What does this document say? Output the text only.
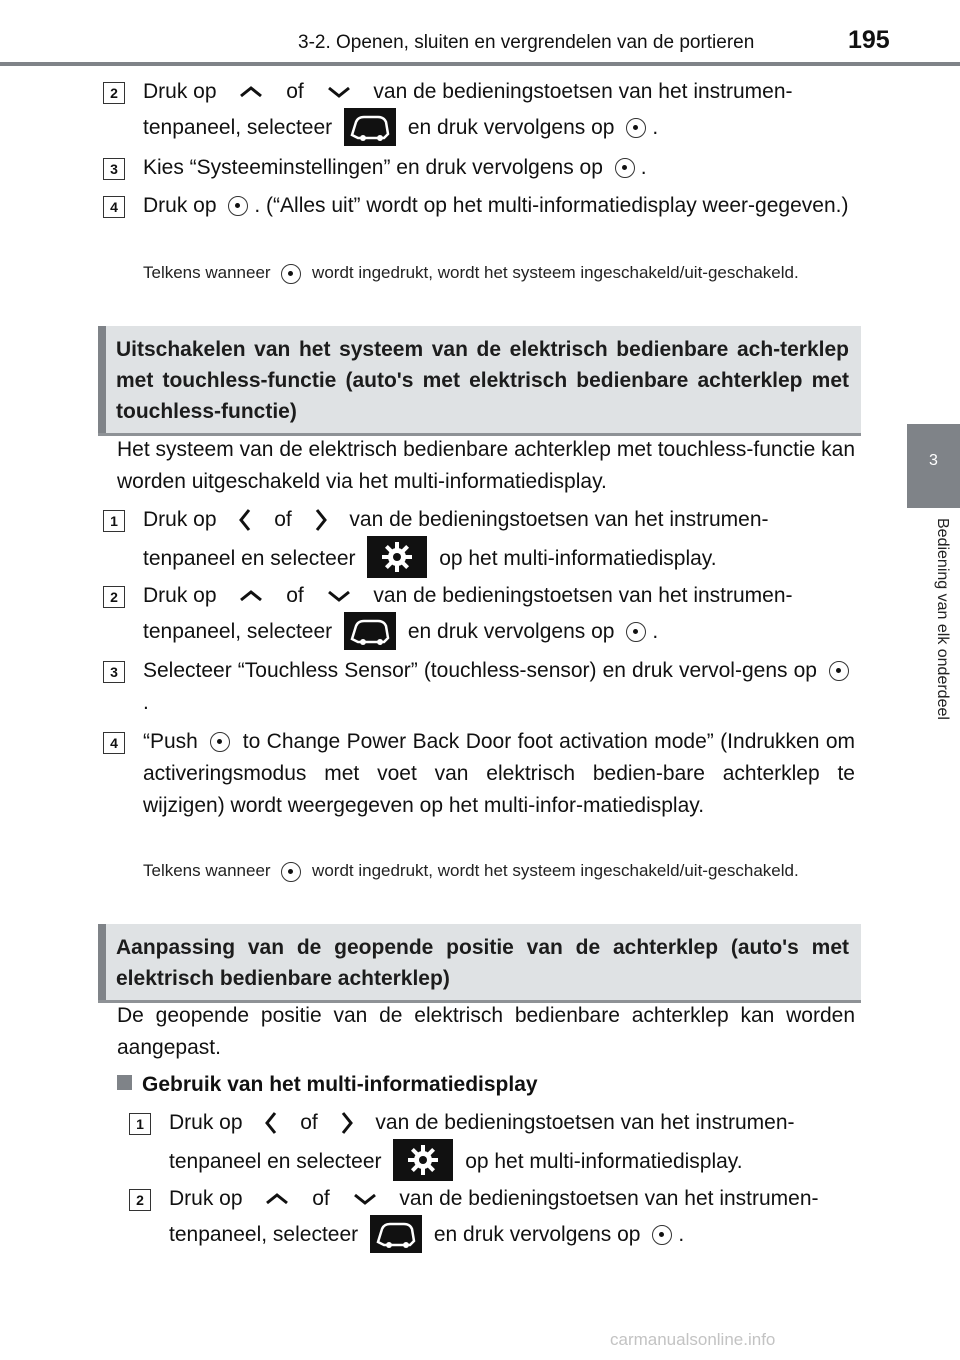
3-2. Openen, sluiten en vergrendelen van de portieren	195
3
Bediening van elk onderdeel
2	Druk op	of	van de bedieningstoetsen van het instrumen-
tenpaneel, selecteer	en druk vervolgens op .
3	Kies “Systeeminstellingen” en druk vervolgens op .
4	Druk op . (“Alles uit” wordt op het multi-informatiedisplay weer-gegeven.)
Telkens wanneer wordt ingedrukt, wordt het systeem ingeschakeld/uit-geschakeld.
Uitschakelen van het systeem van de elektrisch bedienbare ach-terklep met touchless-functie (auto's met elektrisch bedienbare achterklep met touchless-functie)
Het systeem van de elektrisch bedienbare achterklep met touchless-functie kan worden uitgeschakeld via het multi-informatiedisplay.
1	Druk op	of	van de bedieningstoetsen van het instrumen-
tenpaneel en selecteer	op het multi-informatiedisplay.
2	Druk op	of	van de bedieningstoetsen van het instrumen-
tenpaneel, selecteer	en druk vervolgens op .
3	Selecteer “Touchless Sensor” (touchless-sensor) en druk vervol-gens op .
4	“Push to Change Power Back Door foot activation mode” (Indrukken om activeringsmodus met voet van elektrisch bedien-bare achterklep te wijzigen) wordt weergegeven op het multi-infor-matiedisplay.
Telkens wanneer wordt ingedrukt, wordt het systeem ingeschakeld/uit-geschakeld.
Aanpassing van de geopende positie van de achterklep (auto's met elektrisch bedienbare achterklep)
De geopende positie van de elektrisch bedienbare achterklep kan worden aangepast.
Gebruik van het multi-informatiedisplay
1	Druk op	of	van de bedieningstoetsen van het instrumen-
tenpaneel en selecteer	op het multi-informatiedisplay.
2	Druk op	of	van de bedieningstoetsen van het instrumen-
tenpaneel, selecteer	en druk vervolgens op .
carmanualsonline.info
